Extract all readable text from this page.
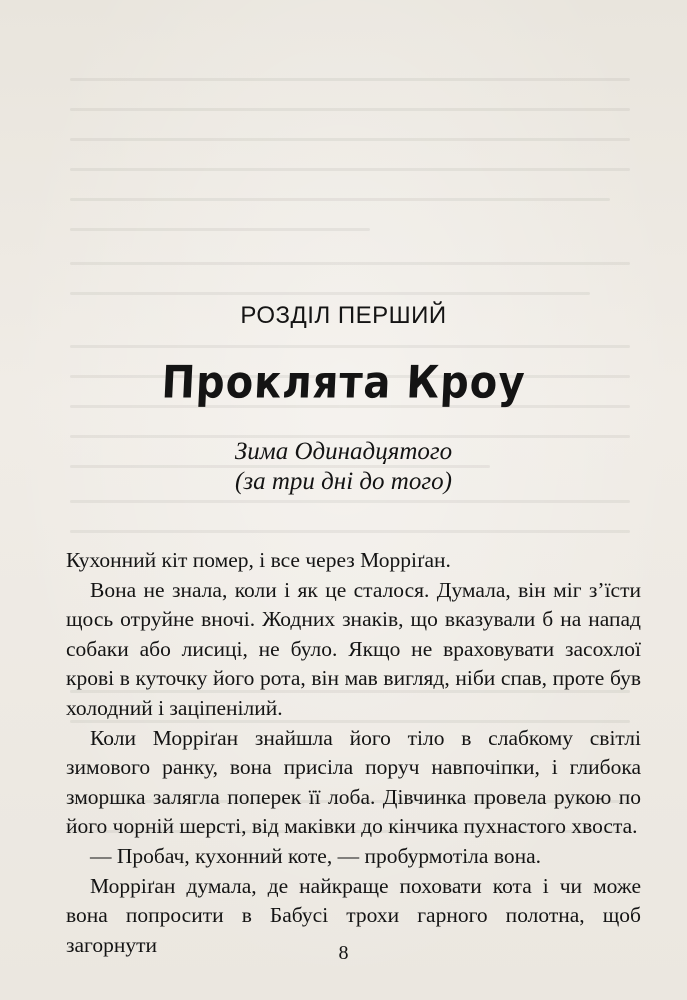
РОЗДІЛ ПЕРШИЙ
Проклята Кроу
Зима Одинадцятого
(за три дні до того)

Кухонний кіт помер, і все через Морріґан.

Вона не знала, коли і як це сталося. Думала, він міг з’їсти щось отруйне вночі. Жодних знаків, що вказували б на напад собаки або лисиці, не було. Якщо не враховувати засохлої крові в куточку його рота, він мав вигляд, ніби спав, проте був холодний і заціпенілий.

Коли Морріґан знайшла його тіло в слабкому світлі зимового ранку, вона присіла поруч навпочіпки, і глибока зморшка залягла поперек її лоба. Дівчинка провела рукою по його чорній шерсті, від маківки до кінчика пухнастого хвоста.

— Пробач, кухонний коте, — пробурмотіла вона.

Морріґан думала, де найкраще поховати кота і чи може вона попросити в Бабусі трохи гарного полотна, щоб загорнути	8
